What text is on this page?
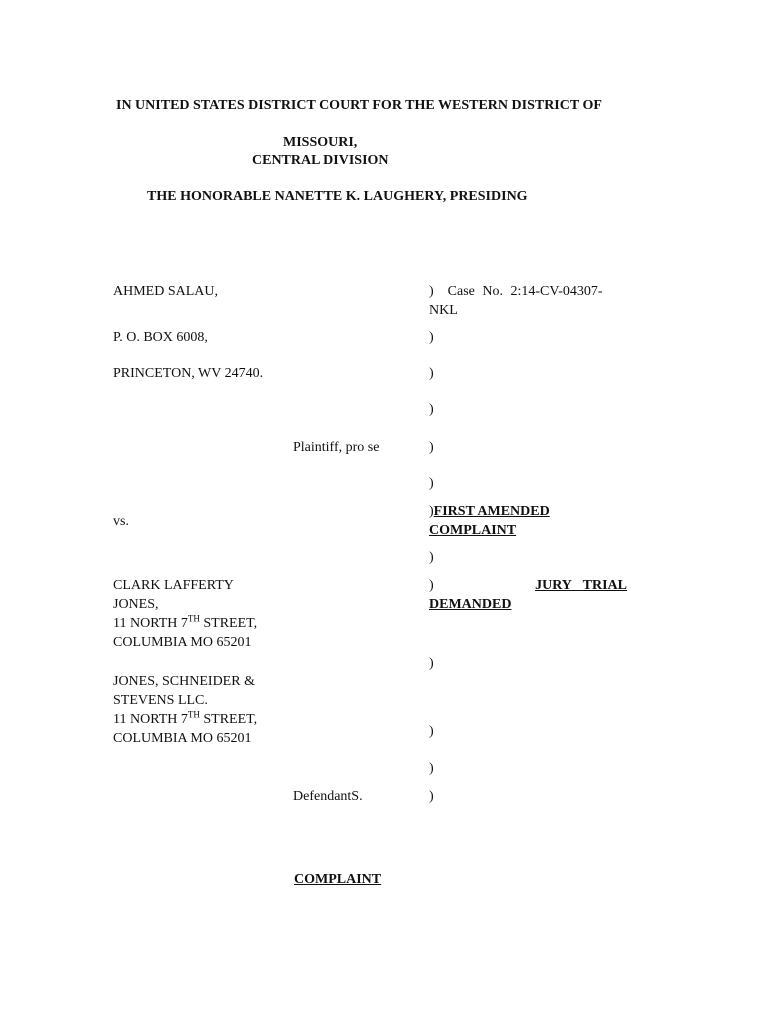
IN UNITED STATES DISTRICT COURT FOR THE WESTERN DISTRICT OF
MISSOURI,
CENTRAL DIVISION
THE HONORABLE NANETTE K. LAUGHERY, PRESIDING
AHMED SALAU,
P. O. BOX 6008,
PRINCETON, WV 24740.
Plaintiff, pro se
vs.
CLARK LAFFERTY
JONES,
11 NORTH 7TH STREET,
COLUMBIA MO 65201
JONES, SCHNEIDER &
STEVENS LLC.
11 NORTH 7TH STREET,
COLUMBIA MO 65201
DefendantS.
) Case No. 2:14-CV-04307-
NKL
)
)
)
)
)
)FIRST AMENDED
COMPLAINT
)
)	JURY TRIAL
DEMANDED
)
)
)
)
COMPLAINT
